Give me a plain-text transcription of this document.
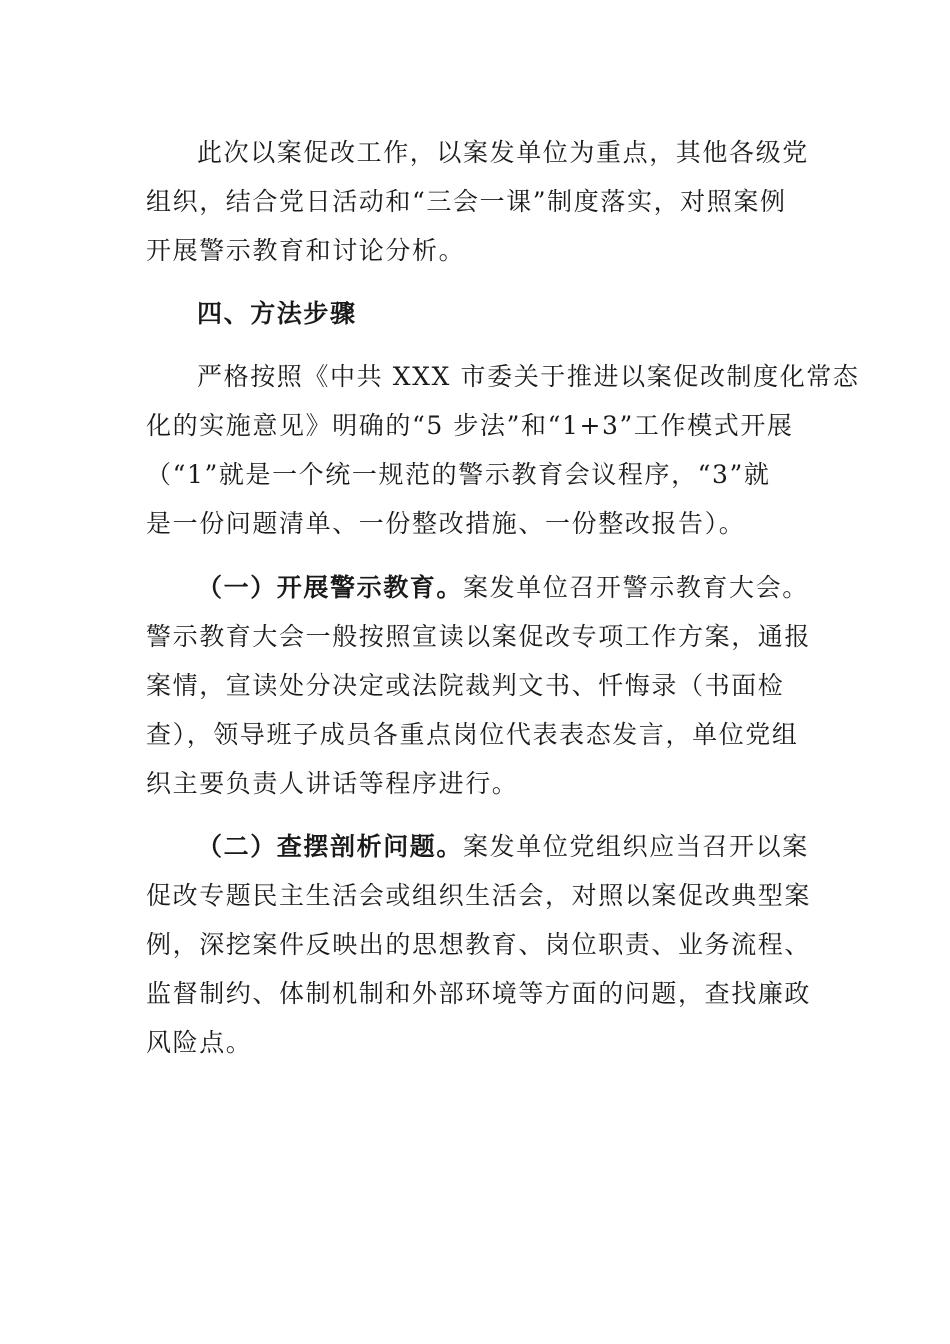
此次以案促改工作，以案发单位为重点，其他各级党
组织，结合党日活动和“三会一课”制度落实，对照案例
开展警示教育和讨论分析。
四、方法步骤
严格按照《中共 XXX 市委关于推进以案促改制度化常态
化的实施意见》明确的“5 步法”和“1+3”工作模式开展
（“1”就是一个统一规范的警示教育会议程序，“3”就
是一份问题清单、一份整改措施、一份整改报告）。
（一）开展警示教育。案发单位召开警示教育大会。
警示教育大会一般按照宣读以案促改专项工作方案，通报
案情，宣读处分决定或法院裁判文书、忏悔录（书面检
查），领导班子成员各重点岗位代表表态发言，单位党组
织主要负责人讲话等程序进行。
（二）查摆剖析问题。案发单位党组织应当召开以案
促改专题民主生活会或组织生活会，对照以案促改典型案
例，深挖案件反映出的思想教育、岗位职责、业务流程、
监督制约、体制机制和外部环境等方面的问题，查找廉政
风险点。
